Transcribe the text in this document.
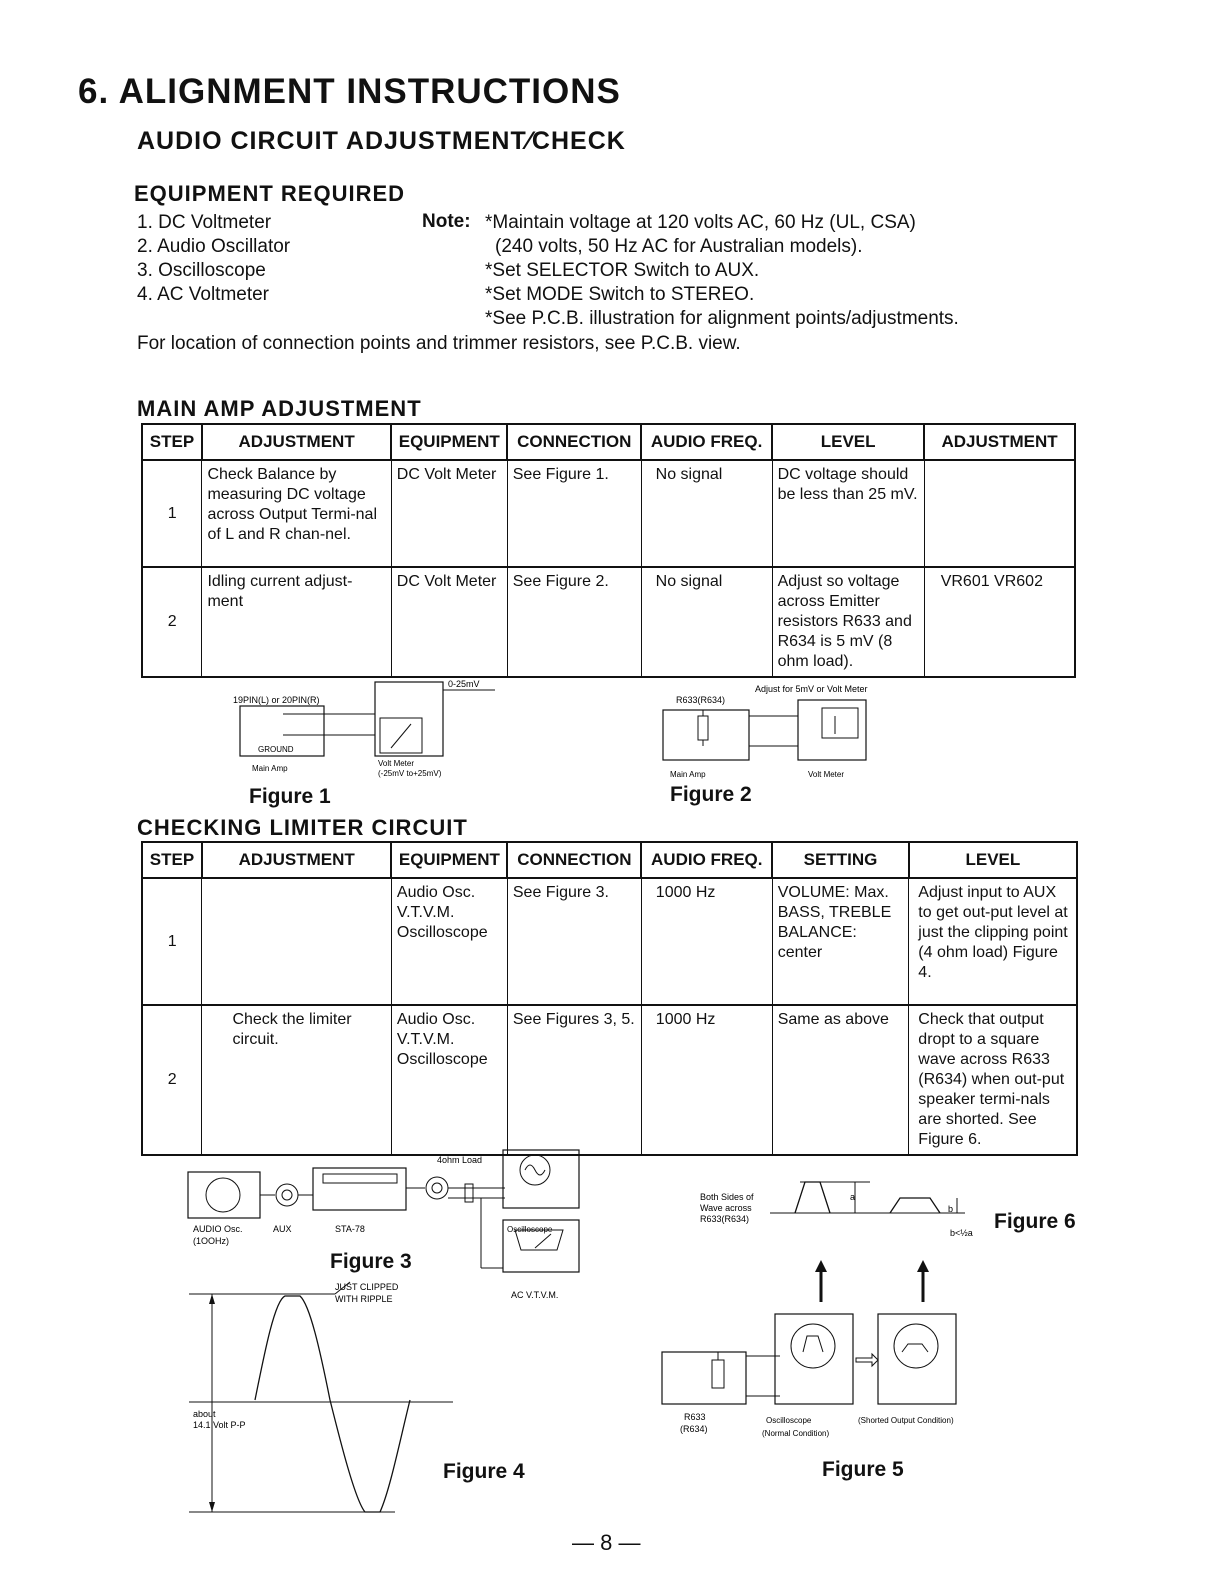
6. ALIGNMENT INSTRUCTIONS
AUDIO CIRCUIT ADJUSTMENT⁄CHECK
EQUIPMENT REQUIRED
1. DC Voltmeter
2. Audio Oscillator
3. Oscilloscope
4. AC Voltmeter
Note: *Maintain voltage at 120 volts AC, 60 Hz (UL, CSA)
(240 volts, 50 Hz AC for Australian models).
*Set SELECTOR Switch to AUX.
*Set MODE Switch to STEREO.
*See P.C.B. illustration for alignment points/adjustments.
For location of connection points and trimmer resistors, see P.C.B. view.
MAIN AMP ADJUSTMENT
STEP	ADJUSTMENT	EQUIPMENT	CONNECTION	AUDIO FREQ.	LEVEL	ADJUSTMENT
1	Check Balance by measuring DC voltage across Output Termi-nal of L and R chan-nel.	DC Volt Meter	See Figure 1.	No signal	DC voltage should be less than 25 mV.	
2	Idling current adjust-ment	DC Volt Meter	See Figure 2.	No signal	Adjust so voltage across Emitter resistors R633 and R634 is 5 mV (8 ohm load).	VR601 VR602
19PIN(L) or 20PIN(R)
GROUND
Main Amp
0-25mV
Volt Meter
(-25mV to+25mV)
Figure 1
Adjust for 5mV or Volt Meter
R633(R634)
Main Amp	Volt Meter
Figure 2
CHECKING LIMITER CIRCUIT
STEP	ADJUSTMENT	EQUIPMENT	CONNECTION	AUDIO FREQ.	SETTING	LEVEL
1		Audio Osc. V.T.V.M. Oscilloscope	See Figure 3.	1000 Hz	VOLUME: Max. BASS, TREBLE BALANCE: center	Adjust input to AUX to get out-put level at just the clipping point (4 ohm load) Figure 4.
2	Check the limiter circuit.	Audio Osc. V.T.V.M. Oscilloscope	See Figures 3, 5.	1000 Hz	Same as above	Check that output dropt to a square wave across R633 (R634) when out-put speaker termi-nals are shorted. See Figure 6.
4ohm Load
AUDIO Osc.
(1OOHz)
AUX	STA-78	Oscilloscope
AC V.T.V.M.
Figure 3
JUST CLIPPED
WITH RIPPLE
about
14.1 Volt P-P
Figure 4
Both Sides of
Wave across
R633(R634)
a
b
b<½a Figure 6
R633
(R634)
Oscilloscope
(Normal Condition)
(Shorted Output Condition)
Figure 5
— 8 —
